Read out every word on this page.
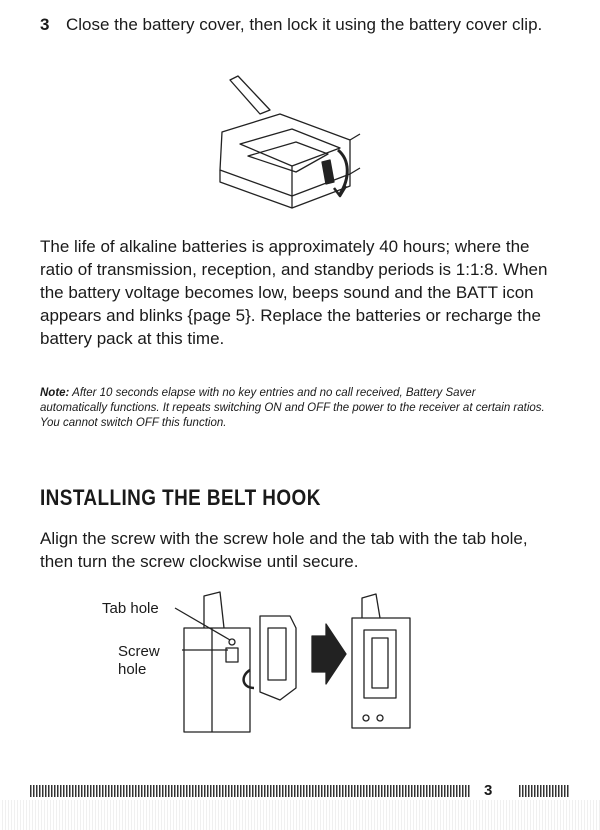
3 Close the battery cover, then lock it using the battery cover clip.

The life of alkaline batteries is approximately 40 hours; where the ratio of transmission, reception, and standby periods is 1:1:8. When the battery voltage becomes low, beeps sound and the BATT icon appears and blinks {page 5}. Replace the batteries or recharge the battery pack at this time.

Note: After 10 seconds elapse with no key entries and no call received, Battery Saver automatically functions. It repeats switching ON and OFF the power to the receiver at certain ratios. You cannot switch OFF this function.

INSTALLING THE BELT HOOK

Align the screw with the screw hole and the tab with the tab hole, then turn the screw clockwise until secure.

Tab hole
Screw hole
3
